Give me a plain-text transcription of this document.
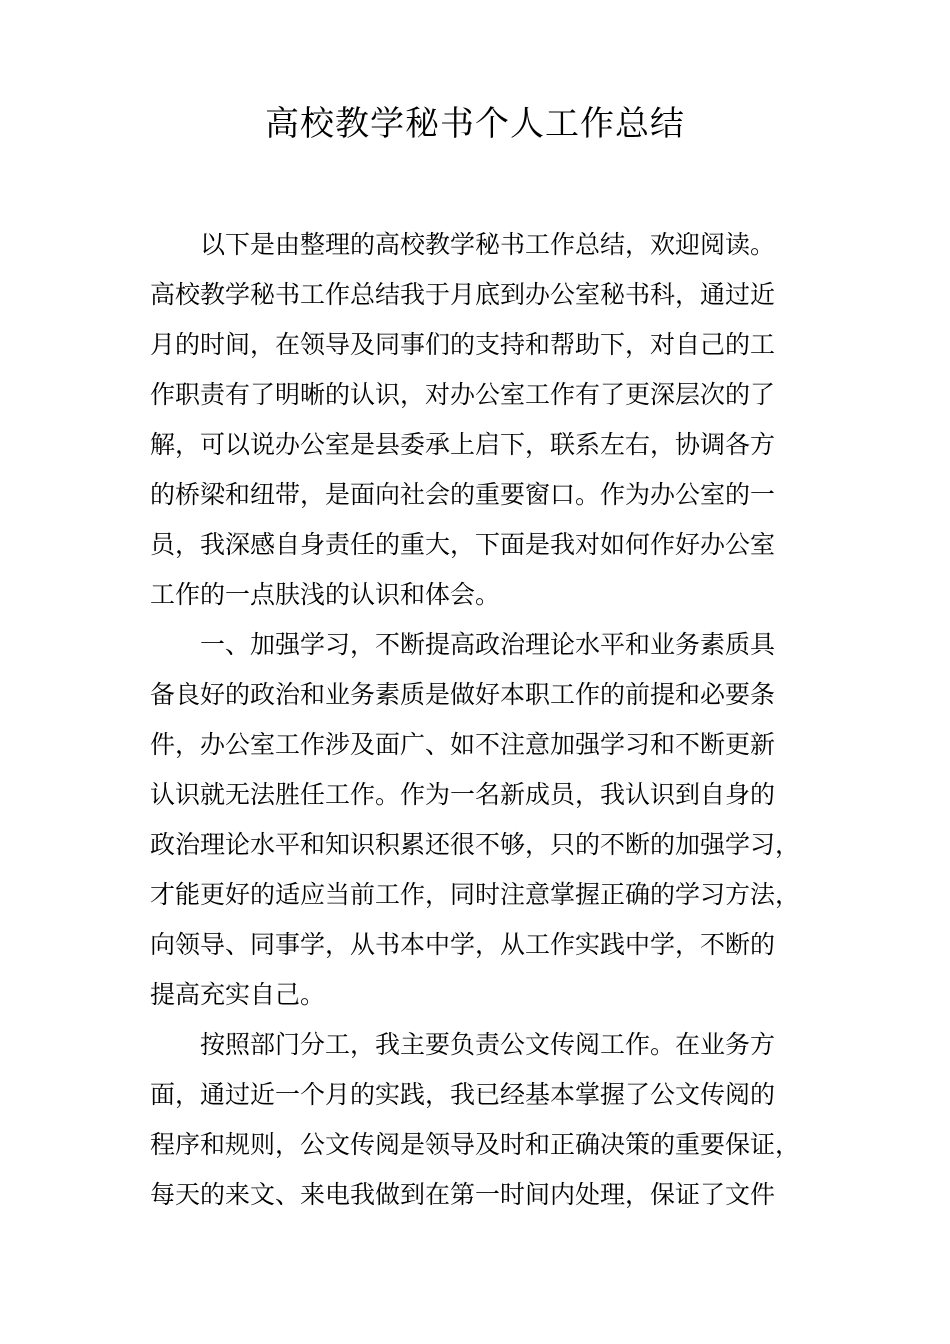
高校教学秘书个人工作总结
以下是由整理的高校教学秘书工作总结，欢迎阅读。
高校教学秘书工作总结我于月底到办公室秘书科，通过近
月的时间，在领导及同事们的支持和帮助下，对自己的工
作职责有了明晰的认识，对办公室工作有了更深层次的了
解，可以说办公室是县委承上启下，联系左右，协调各方
的桥梁和纽带，是面向社会的重要窗口。作为办公室的一
员，我深感自身责任的重大，下面是我对如何作好办公室
工作的一点肤浅的认识和体会。
一、加强学习，不断提高政治理论水平和业务素质具
备良好的政治和业务素质是做好本职工作的前提和必要条
件，办公室工作涉及面广、如不注意加强学习和不断更新
认识就无法胜任工作。作为一名新成员，我认识到自身的
政治理论水平和知识积累还很不够，只的不断的加强学习，
才能更好的适应当前工作，同时注意掌握正确的学习方法，
向领导、同事学，从书本中学，从工作实践中学，不断的
提高充实自己。
按照部门分工，我主要负责公文传阅工作。在业务方
面，通过近一个月的实践，我已经基本掌握了公文传阅的
程序和规则，公文传阅是领导及时和正确决策的重要保证，
每天的来文、来电我做到在第一时间内处理，保证了文件
